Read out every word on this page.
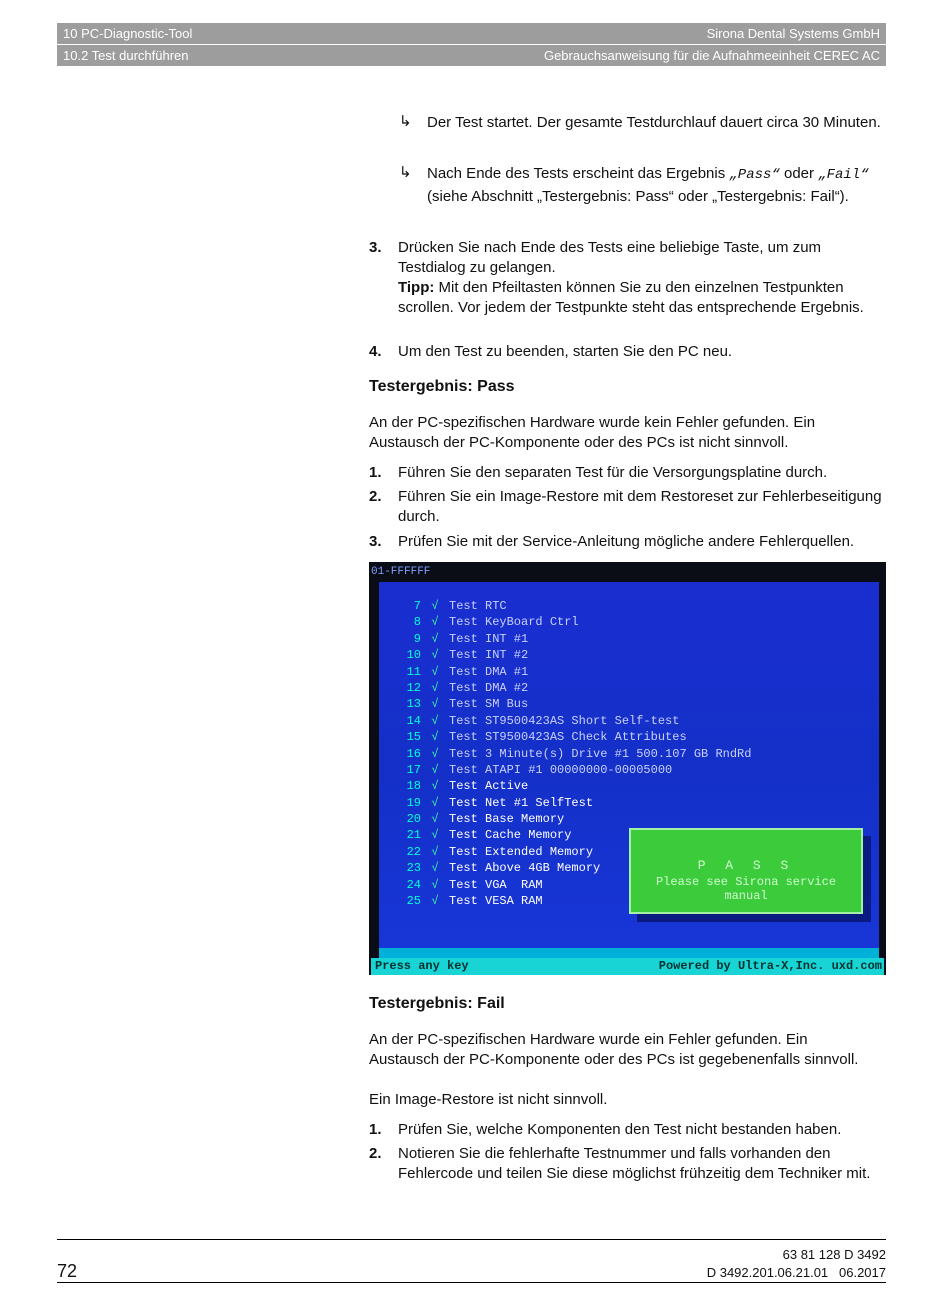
10 PC-Diagnostic-Tool	Sirona Dental Systems GmbH
10.2 Test durchführen	Gebrauchsanweisung für die Aufnahmeeinheit CEREC AC
↳ Der Test startet. Der gesamte Testdurchlauf dauert circa 30 Minuten.
↳ Nach Ende des Tests erscheint das Ergebnis „Pass“ oder „Fail“ (siehe Abschnitt „Testergebnis: Pass“ oder „Testergebnis: Fail“).
3. Drücken Sie nach Ende des Tests eine beliebige Taste, um zum Testdialog zu gelangen.
Tipp: Mit den Pfeiltasten können Sie zu den einzelnen Testpunkten scrollen. Vor jedem der Testpunkte steht das entsprechende Ergebnis.
4. Um den Test zu beenden, starten Sie den PC neu.
Testergebnis: Pass

An der PC-spezifischen Hardware wurde kein Fehler gefunden. Ein Austausch der PC-Komponente oder des PCs ist nicht sinnvoll.

1. Führen Sie den separaten Test für die Versorgungsplatine durch.
2. Führen Sie ein Image-Restore mit dem Restoreset zur Fehlerbeseitigung durch.
3. Prüfen Sie mit der Service-Anleitung mögliche andere Fehlerquellen.
01-FFFFFF
7 √ Test RTC
8 √ Test KeyBoard Ctrl
9 √ Test INT #1
10 √ Test INT #2
11 √ Test DMA #1
12 √ Test DMA #2
13 √ Test SM Bus
14 √ Test ST9500423AS Short Self-test
15 √ Test ST9500423AS Check Attributes
16 √ Test 3 Minute(s) Drive #1 500.107 GB RndRd
17 √ Test ATAPI #1 00000000-00005000
18 √ Test Active
19 √ Test Net #1 SelfTest
20 √ Test Base Memory
21 √ Test Cache Memory
22 √ Test Extended Memory
23 √ Test Above 4GB Memory
24 √ Test VGA  RAM
25 √ Test VESA RAM
P A S S
Please see Sirona service manual
Press any key	Powered by Ultra-X,Inc. uxd.com
Testergebnis: Fail

An der PC-spezifischen Hardware wurde ein Fehler gefunden. Ein Austausch der PC-Komponente oder des PCs ist gegebenenfalls sinnvoll.

Ein Image-Restore ist nicht sinnvoll.

1. Prüfen Sie, welche Komponenten den Test nicht bestanden haben.
2. Notieren Sie die fehlerhafte Testnummer und falls vorhanden den Fehlercode und teilen Sie diese möglichst frühzeitig dem Techniker mit.
72
63 81 128 D 3492
D 3492.201.06.21.01 06.2017
